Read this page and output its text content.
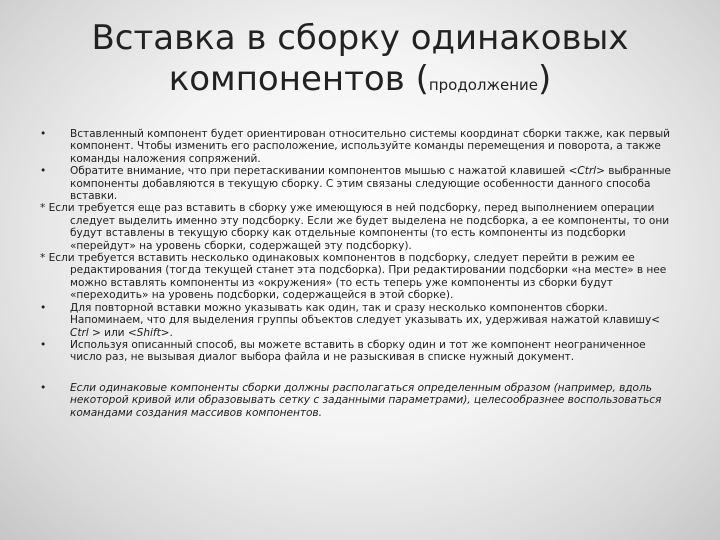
Вставка в сборку одинаковых
компонентов (продолжение)

•	Вставленный компонент будет ориентирован относительно системы координат сборки также, как первый компонент. Чтобы изменить его расположение, используйте команды перемещения и поворота, а также команды наложения сопряжений.

•	Обратите внимание, что при перетаскивании компонентов мышью с нажатой клавишей <Ctrl> выбранные компоненты добавляются в текущую сборку. С этим связаны следующие особенности данного способа вставки.

* Если требуется еще раз вставить в сборку уже имеющуюся в ней подсборку, перед выполнением операции следует выделить именно эту подсборку. Если же будет выделена не подсборка, а ее компоненты, то они будут вставлены в текущую сборку как отдельные компоненты (то есть компоненты из подсборки «перейдут» на уровень сборки, содержащей эту подсборку).

* Если требуется вставить несколько одинаковых компонентов в подсборку, следует перейти в режим ее редактирования (тогда текущей станет эта подсборка). При редактировании подсборки «на месте» в нее можно вставлять компоненты из «окружения» (то есть теперь уже компоненты из сборки будут «переходить» на уровень подсборки, содержащейся в этой сборке).

•	Для повторной вставки можно указывать как один, так и сразу несколько компонентов сборки. Напоминаем, что для выделения группы объектов следует указывать их, удерживая нажатой клавишу< Ctrl > или <Shift>.

•	Используя описанный способ, вы можете вставить в сборку один и тот же компонент неограниченное число раз, не вызывая диалог выбора файла и не разыскивая в списке нужный документ.

•	Если одинаковые компоненты сборки должны располагаться определенным образом (например, вдоль некоторой кривой или образовывать сетку с заданными параметрами), целесообразнее воспользоваться командами создания массивов компонентов.
